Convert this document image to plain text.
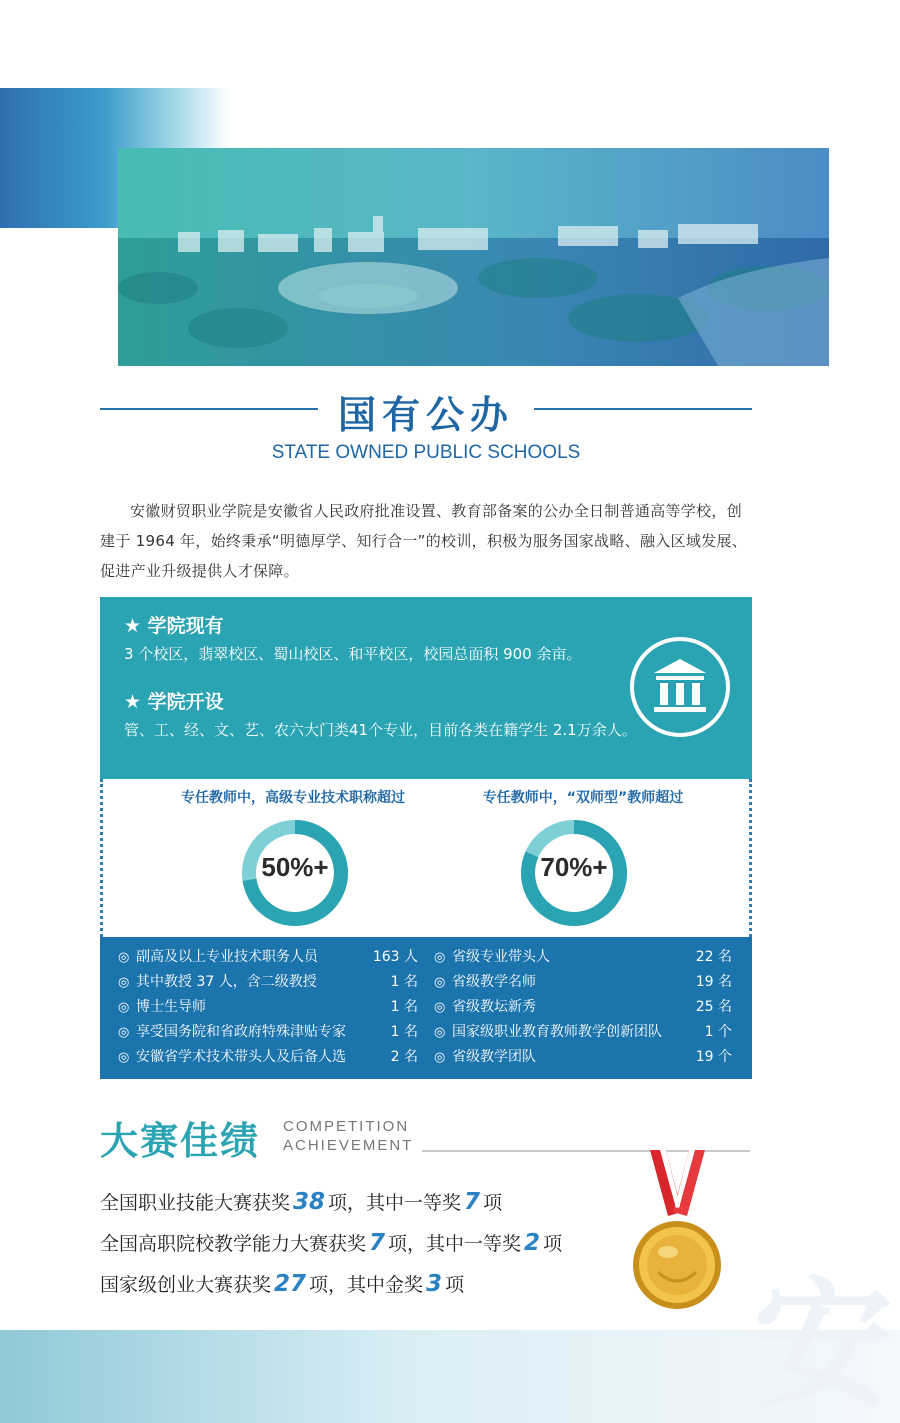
国有公办
STATE OWNED PUBLIC SCHOOLS

安徽财贸职业学院是安徽省人民政府批准设置、教育部备案的公办全日制普通高等学校，创建于 1964 年，始终秉承“明德厚学、知行合一”的校训，积极为服务国家战略、融入区域发展、促进产业升级提供人才保障。

★ 学院现有
3 个校区，翡翠校区、蜀山校区、和平校区，校园总面积 900 余亩。
★ 学院开设
管、工、经、文、艺、农六大门类41个专业，目前各类在籍学生 2.1万余人。
专任教师中，高级专业技术职称超过	专任教师中，“双师型”教师超过
50%+	70%+
◎ 副高及以上专业技术职务人员	163 人
◎ 其中教授 37 人，含二级教授	1 名
◎ 博士生导师	1 名
◎ 享受国务院和省政府特殊津贴专家	1 名
◎ 安徽省学术技术带头人及后备人选	2 名
◎ 省级专业带头人	22 名
◎ 省级教学名师	19 名
◎ 省级教坛新秀	25 名
◎ 国家级职业教育教师教学创新团队	1 个
◎ 省级教学团队	19 个
大赛佳绩 COMPETITION
ACHIEVEMENT
全国职业技能大赛获奖 38 项，其中一等奖 7 项
全国高职院校教学能力大赛获奖 7 项，其中一等奖 2 项
国家级创业大赛获奖 27 项，其中金奖 3 项 安
